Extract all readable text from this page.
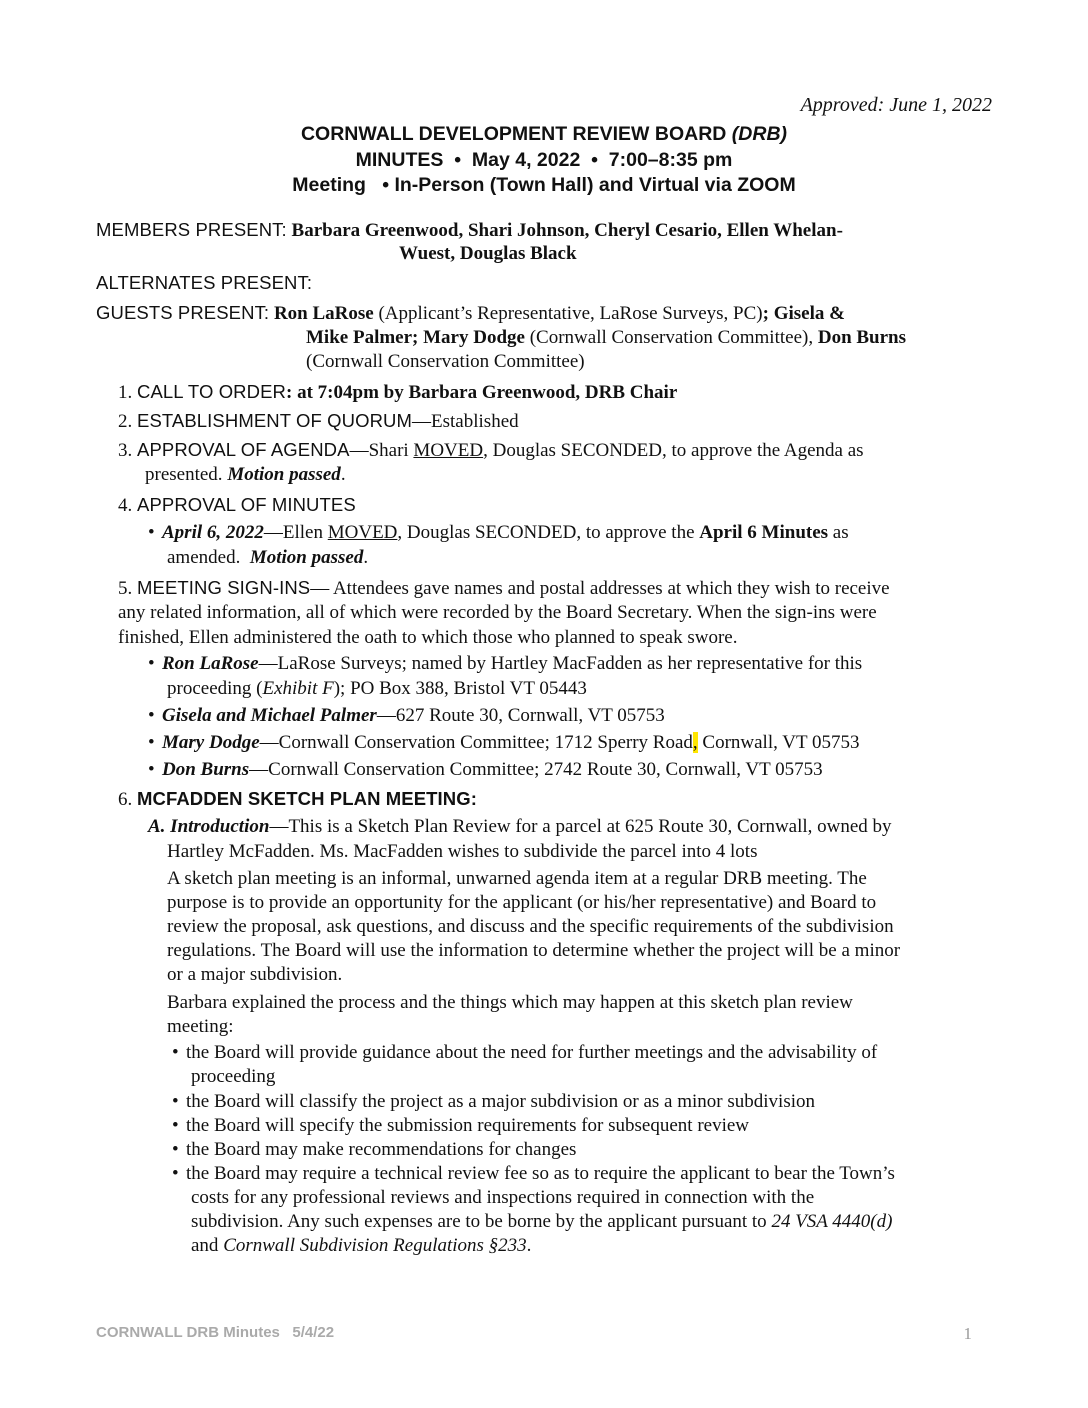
Approved: June 1, 2022
CORNWALL DEVELOPMENT REVIEW BOARD (DRB)
MINUTES  •  May 4, 2022  •  7:00–8:35 pm
Meeting   • In-Person (Town Hall) and Virtual via ZOOM
MEMBERS PRESENT: Barbara Greenwood, Shari Johnson, Cheryl Cesario, Ellen Whelan-
Wuest, Douglas Black
ALTERNATES PRESENT:
GUESTS PRESENT: Ron LaRose (Applicant’s Representative, LaRose Surveys, PC); Gisela &
Mike Palmer; Mary Dodge (Cornwall Conservation Committee), Don Burns
(Cornwall Conservation Committee)
1. CALL TO ORDER: at 7:04pm by Barbara Greenwood, DRB Chair
2. ESTABLISHMENT OF QUORUM—Established
3. APPROVAL OF AGENDA—Shari MOVED, Douglas SECONDED, to approve the Agenda as
presented. Motion passed.
4. APPROVAL OF MINUTES
• April 6, 2022—Ellen MOVED, Douglas SECONDED, to approve the April 6 Minutes as
amended.  Motion passed.
5. MEETING SIGN-INS— Attendees gave names and postal addresses at which they wish to receive
any related information, all of which were recorded by the Board Secretary. When the sign-ins were
finished, Ellen administered the oath to which those who planned to speak swore.
• Ron LaRose—LaRose Surveys; named by Hartley MacFadden as her representative for this
proceeding (Exhibit F); PO Box 388, Bristol VT 05443
• Gisela and Michael Palmer—627 Route 30, Cornwall, VT 05753
• Mary Dodge—Cornwall Conservation Committee; 1712 Sperry Road, Cornwall, VT 05753
• Don Burns—Cornwall Conservation Committee; 2742 Route 30, Cornwall, VT 05753
6. MCFADDEN SKETCH PLAN MEETING:
A. Introduction—This is a Sketch Plan Review for a parcel at 625 Route 30, Cornwall, owned by
Hartley McFadden. Ms. MacFadden wishes to subdivide the parcel into 4 lots
A sketch plan meeting is an informal, unwarned agenda item at a regular DRB meeting. The
purpose is to provide an opportunity for the applicant (or his/her representative) and Board to
review the proposal, ask questions, and discuss and the specific requirements of the subdivision
regulations. The Board will use the information to determine whether the project will be a minor
or a major subdivision.
Barbara explained the process and the things which may happen at this sketch plan review
meeting:
• the Board will provide guidance about the need for further meetings and the advisability of
proceeding
• the Board will classify the project as a major subdivision or as a minor subdivision
• the Board will specify the submission requirements for subsequent review
• the Board may make recommendations for changes
• the Board may require a technical review fee so as to require the applicant to bear the Town’s
costs for any professional reviews and inspections required in connection with the
subdivision. Any such expenses are to be borne by the applicant pursuant to 24 VSA 4440(d)
and Cornwall Subdivision Regulations §233.
CORNWALL DRB Minutes   5/4/22	1
